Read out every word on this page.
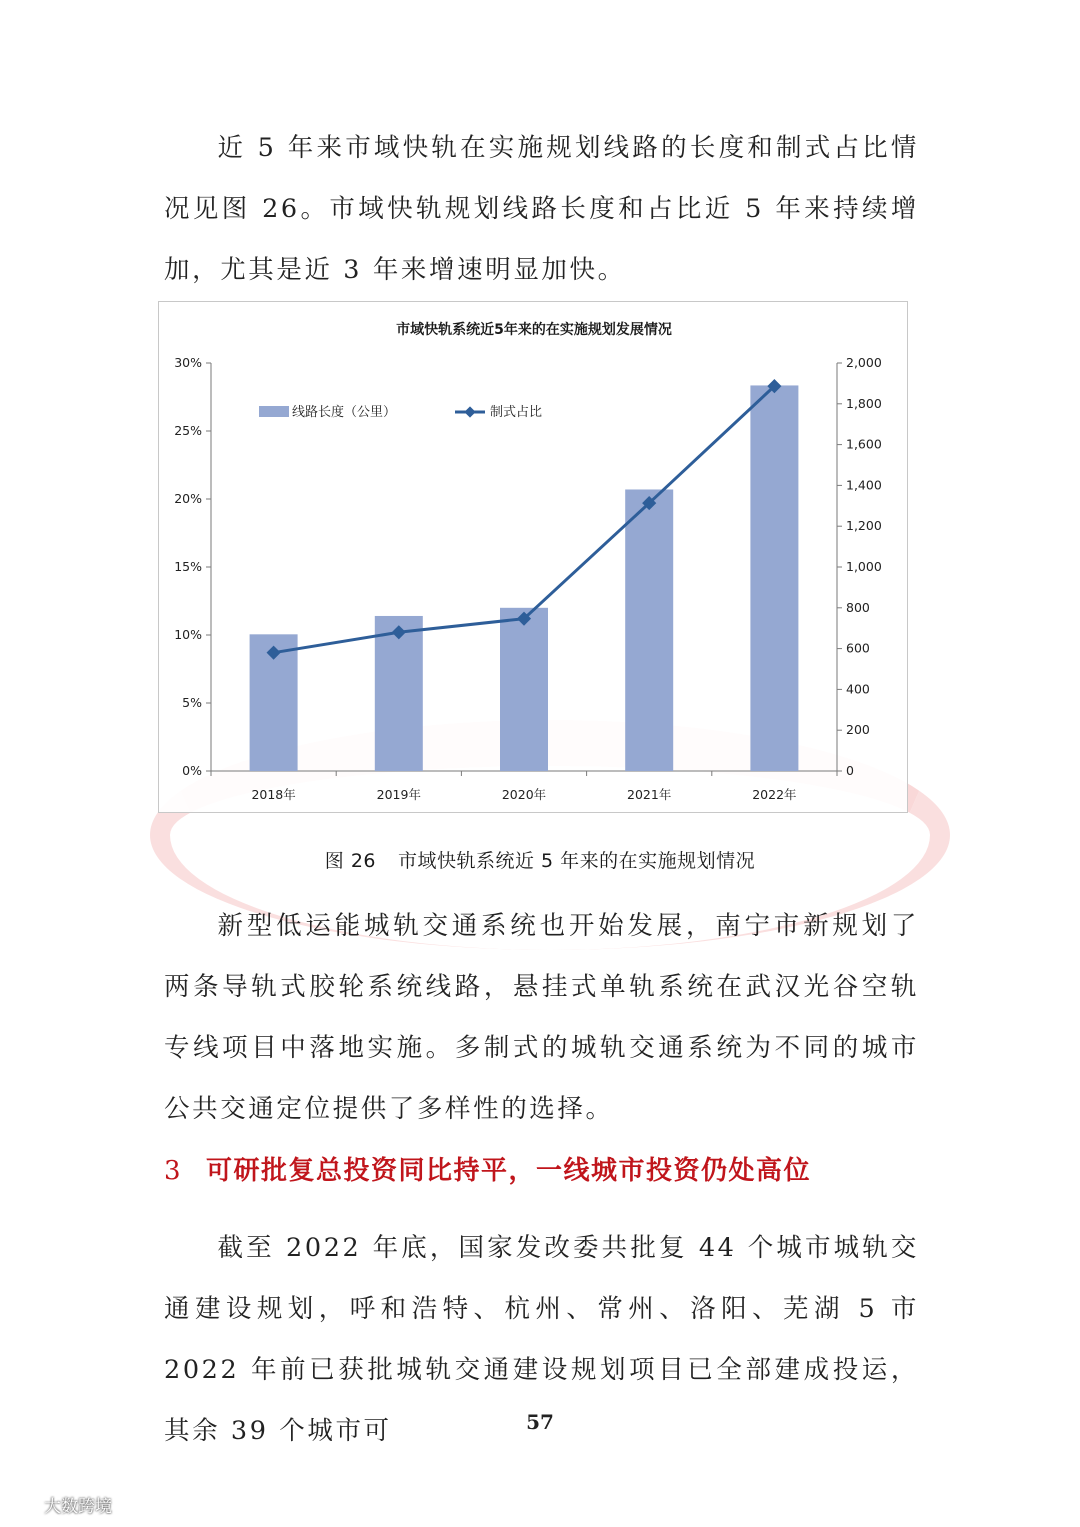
近 5 年来市域快轨在实施规划线路的长度和制式占比情况见图 26。市域快轨规划线路长度和占比近 5 年来持续增加，尤其是近 3 年来增速明显加快。

市域快轨系统近5年来的在实施规划发展情况
0%
5%
10%
15%
20%
25%
30%
0
200
400
600
800
1,000
1,200
1,400
1,600
1,800
2,000
2018年	2019年	2020年	2021年	2022年
线路长度（公里）	制式占比
图 26 市域快轨系统近 5 年来的在实施规划情况

新型低运能城轨交通系统也开始发展，南宁市新规划了两条导轨式胶轮系统线路，悬挂式单轨系统在武汉光谷空轨专线项目中落地实施。多制式的城轨交通系统为不同的城市公共交通定位提供了多样性的选择。

3 可研批复总投资同比持平，一线城市投资仍处高位

截至 2022 年底，国家发改委共批复 44 个城市城轨交通建设规划，呼和浩特、杭州、常州、洛阳、芜湖 5 市 2022 年前已获批城轨交通建设规划项目已全部建成投运，其余 39 个城市可	57
大数跨境
